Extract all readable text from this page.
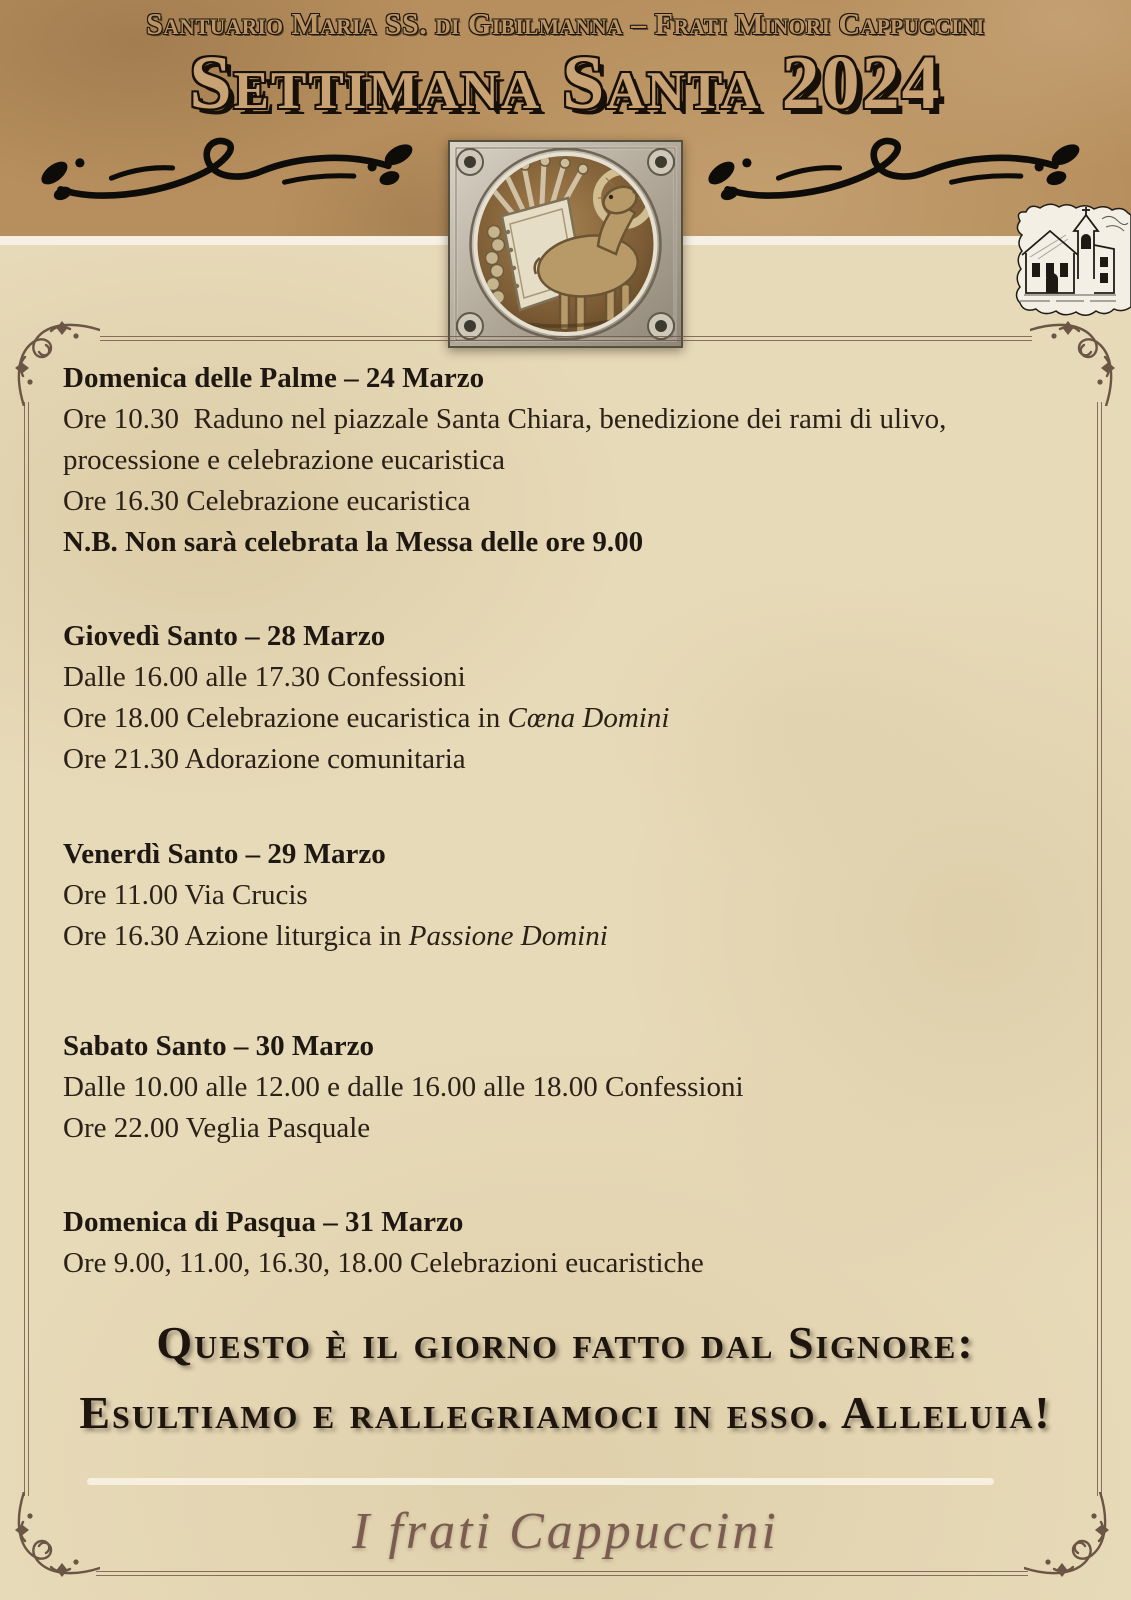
Santuario Maria SS. di Gibilmanna – Frati Minori Cappuccini
Settimana Santa 2024
Domenica delle Palme – 24 Marzo

Ore 10.30  Raduno nel piazzale Santa Chiara, benedizione dei rami di ulivo, processione e celebrazione eucaristica

Ore 16.30 Celebrazione eucaristica

N.B. Non sarà celebrata la Messa delle ore 9.00

Giovedì Santo – 28 Marzo

Dalle 16.00 alle 17.30 Confessioni

Ore 18.00 Celebrazione eucaristica in Cœna Domini

Ore 21.30 Adorazione comunitaria

Venerdì Santo – 29 Marzo

Ore 11.00 Via Crucis

Ore 16.30 Azione liturgica in Passione Domini

Sabato Santo – 30 Marzo

Dalle 10.00 alle 12.00 e dalle 16.00 alle 18.00 Confessioni

Ore 22.00 Veglia Pasquale

Domenica di Pasqua – 31 Marzo

Ore 9.00, 11.00, 16.30, 18.00 Celebrazioni eucaristiche

Questo è il giorno fatto dal Signore:

Esultiamo e rallegriamoci in esso. Alleluia!

I frati Cappuccini
